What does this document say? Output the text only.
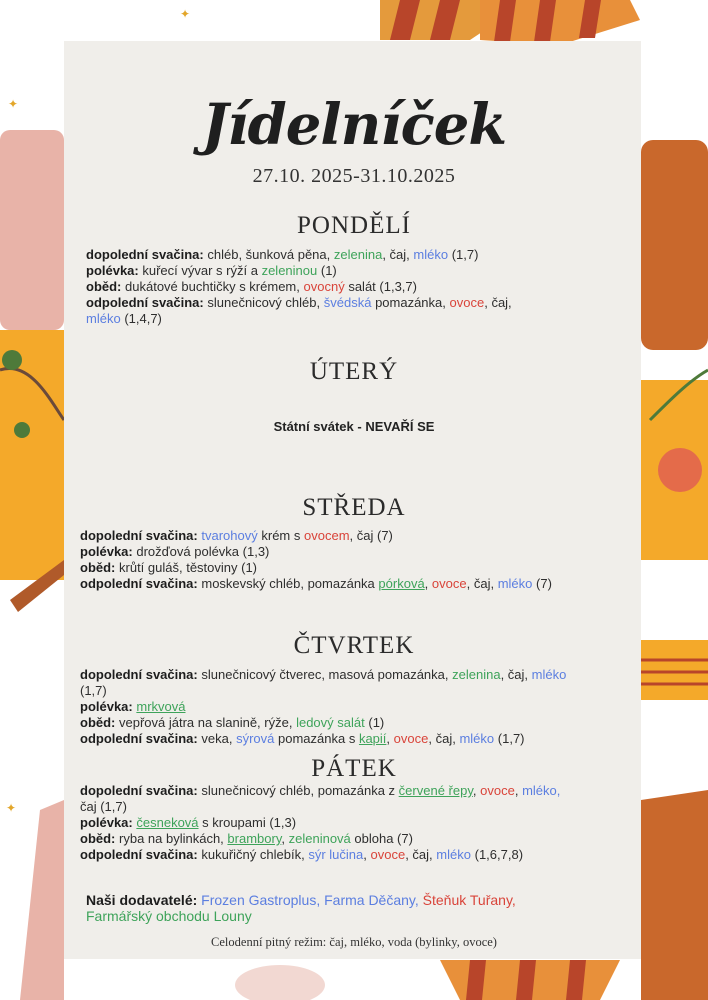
✦
✦
✦
Jídelníček
27.10. 2025-31.10.2025
PONDĚLÍ

dopolední svačina: chléb, šunková pěna, zelenina, čaj, mléko (1,7)

polévka: kuřecí vývar s rýží a zeleninou (1)

oběd: dukátové buchtičky s krémem, ovocný salát (1,3,7)

odpolední svačina: slunečnicový chléb, švédská pomazánka, ovoce, čaj,
mléko (1,4,7)

ÚTERÝ
Státní svátek - NEVAŘÍ SE
STŘEDA

dopolední svačina: tvarohový krém s ovocem, čaj (7)

polévka: drožďová polévka (1,3)

oběd: krůtí guláš, těstoviny (1)

odpolední svačina: moskevský chléb, pomazánka pórková, ovoce, čaj, mléko (7)

ČTVRTEK

dopolední svačina: slunečnicový čtverec, masová pomazánka, zelenina, čaj, mléko
(1,7)

polévka: mrkvová

oběd: vepřová játra na slanině, rýže, ledový salát (1)

odpolední svačina: veka, sýrová pomazánka s kapií, ovoce, čaj, mléko (1,7)

PÁTEK

dopolední svačina: slunečnicový chléb, pomazánka z červené řepy, ovoce, mléko,
čaj (1,7)

polévka: česneková s kroupami (1,3)

oběd: ryba na bylinkách, brambory, zeleninová obloha (7)

odpolední svačina: kukuřičný chlebík, sýr lučina, ovoce, čaj, mléko (1,6,7,8)

Naši dodavatelé: Frozen Gastroplus, Farma Děčany, Šteňuk Tuřany,
Farmářský obchodu Louny
Celodenní pitný režim: čaj, mléko, voda (bylinky, ovoce)
